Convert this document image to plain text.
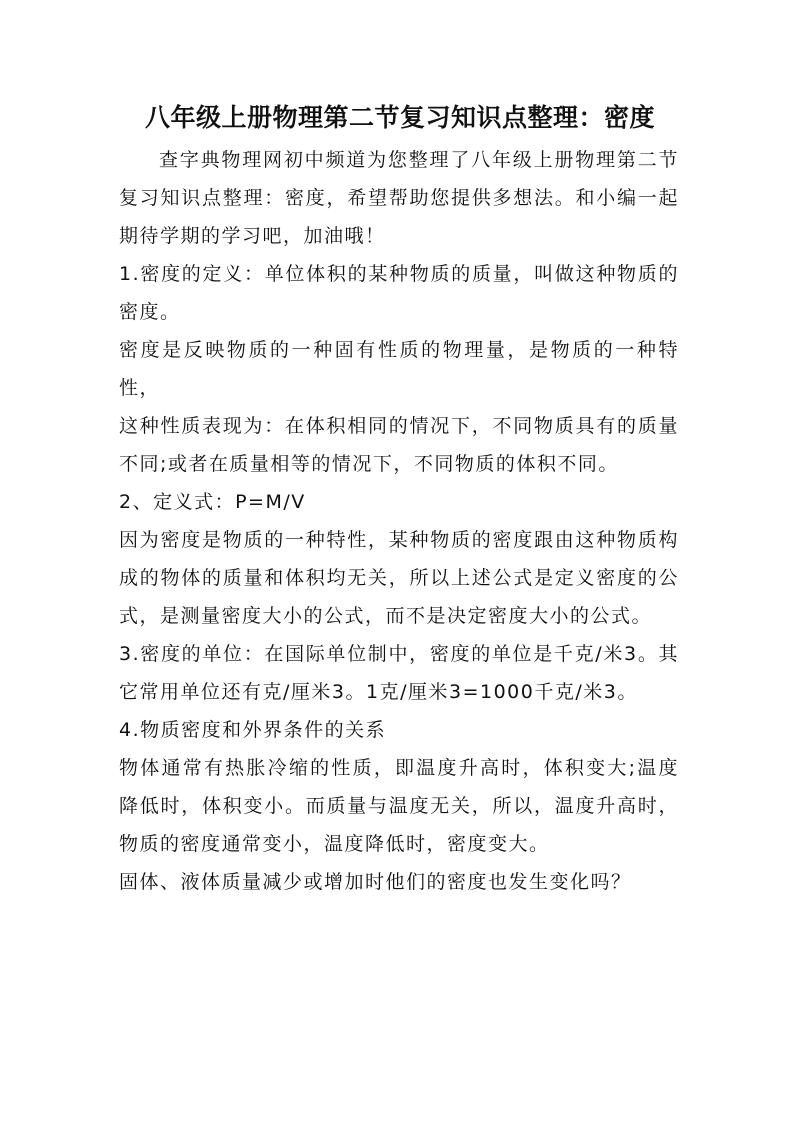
八年级上册物理第二节复习知识点整理：密度

查字典物理网初中频道为您整理了八年级上册物理第二节复习知识点整理：密度，希望帮助您提供多想法。和小编一起期待学期的学习吧，加油哦！

1.密度的定义：单位体积的某种物质的质量，叫做这种物质的密度。

密度是反映物质的一种固有性质的物理量，是物质的一种特性，

这种性质表现为：在体积相同的情况下，不同物质具有的质量不同;或者在质量相等的情况下，不同物质的体积不同。

2、定义式：P=M/V

因为密度是物质的一种特性，某种物质的密度跟由这种物质构成的物体的质量和体积均无关，所以上述公式是定义密度的公式，是测量密度大小的公式，而不是决定密度大小的公式。

3.密度的单位：在国际单位制中，密度的单位是千克/米3。其它常用单位还有克/厘米3。1克/厘米3=1000千克/米3。

4.物质密度和外界条件的关系

物体通常有热胀冷缩的性质，即温度升高时，体积变大;温度降低时，体积变小。而质量与温度无关，所以，温度升高时，物质的密度通常变小，温度降低时，密度变大。

固体、液体质量减少或增加时他们的密度也发生变化吗？
